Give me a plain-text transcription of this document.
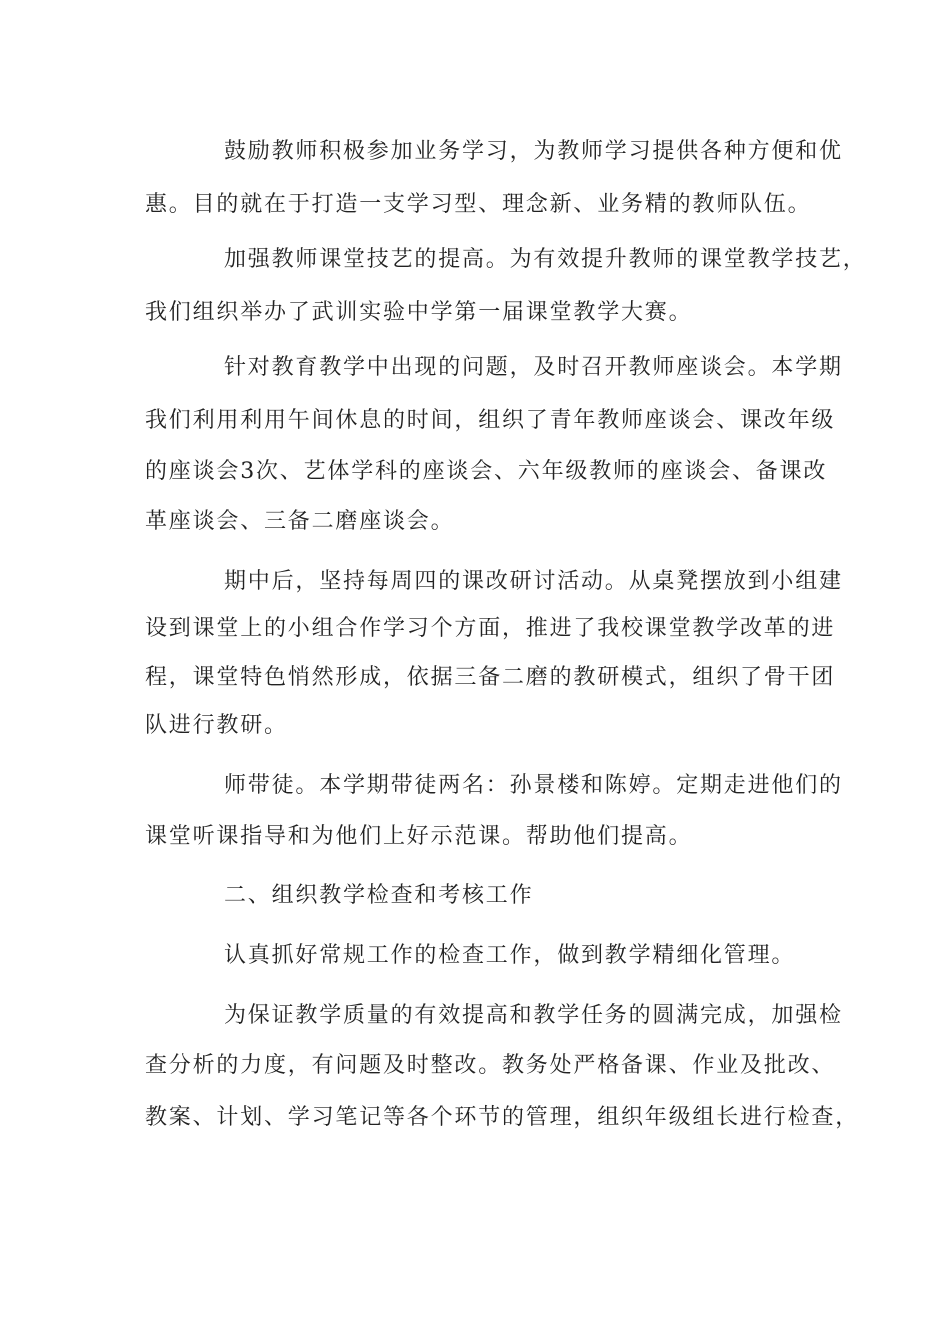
鼓励教师积极参加业务学习，为教师学习提供各种方便和优
惠。目的就在于打造一支学习型、理念新、业务精的教师队伍。
加强教师课堂技艺的提高。为有效提升教师的课堂教学技艺，
我们组织举办了武训实验中学第一届课堂教学大赛。
针对教育教学中出现的问题，及时召开教师座谈会。本学期
我们利用利用午间休息的时间，组织了青年教师座谈会、课改年级
的座谈会3次、艺体学科的座谈会、六年级教师的座谈会、备课改
革座谈会、三备二磨座谈会。
期中后，坚持每周四的课改研讨活动。从桌凳摆放到小组建
设到课堂上的小组合作学习个方面，推进了我校课堂教学改革的进
程，课堂特色悄然形成，依据三备二磨的教研模式，组织了骨干团
队进行教研。
师带徒。本学期带徒两名：孙景楼和陈婷。定期走进他们的
课堂听课指导和为他们上好示范课。帮助他们提高。
二、组织教学检查和考核工作
认真抓好常规工作的检查工作，做到教学精细化管理。
为保证教学质量的有效提高和教学任务的圆满完成，加强检
查分析的力度，有问题及时整改。教务处严格备课、作业及批改、
教案、计划、学习笔记等各个环节的管理，组织年级组长进行检查，
